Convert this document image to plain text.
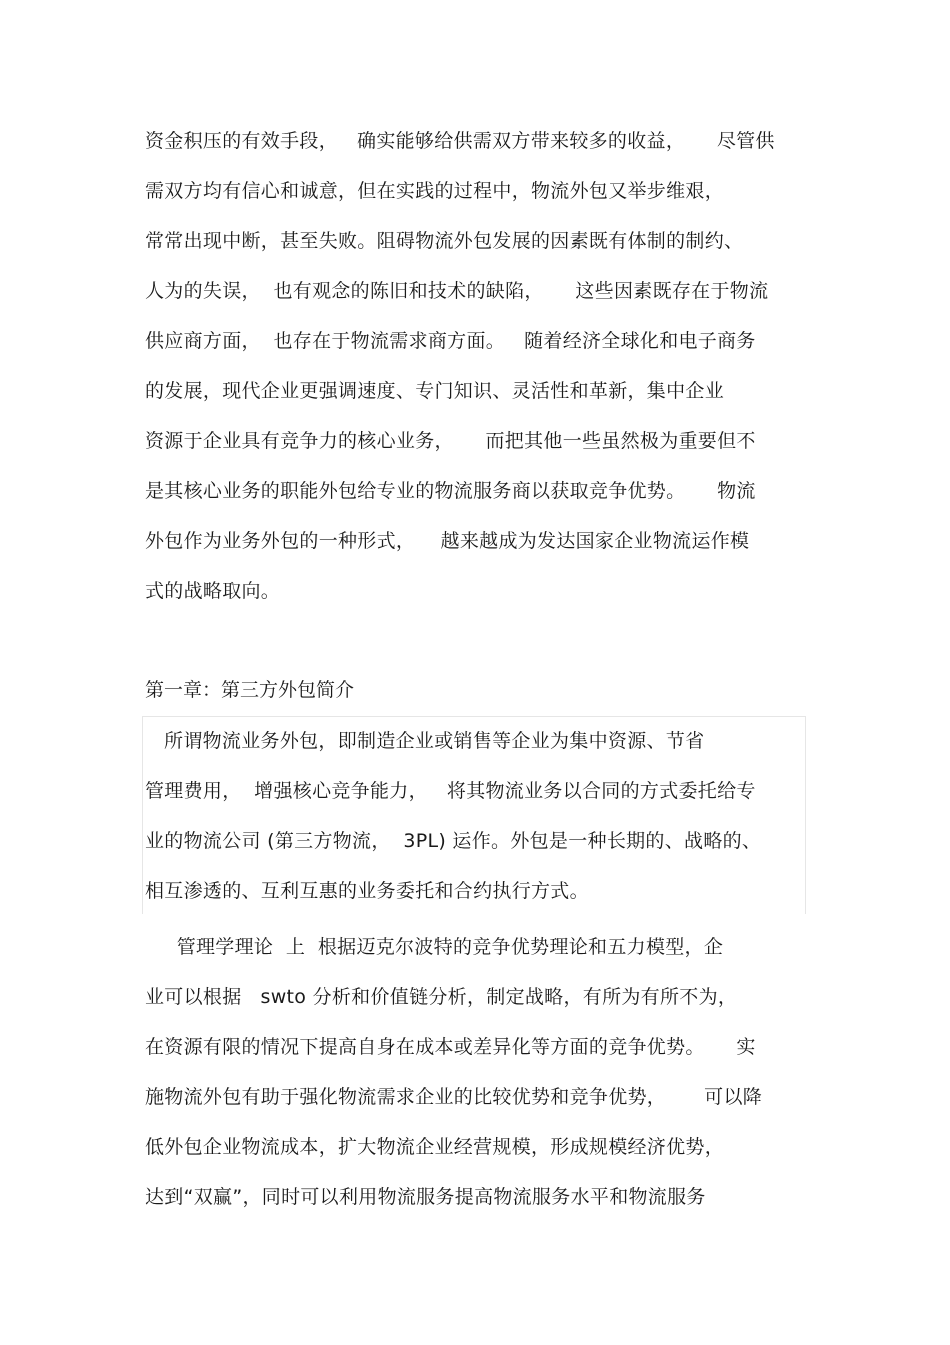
资金积压的有效手段，   确实能够给供需双方带来较多的收益，     尽管供
需双方均有信心和诚意，但在实践的过程中，物流外包又举步维艰，
常常出现中断，甚至失败。阻碍物流外包发展的因素既有体制的制约、
人为的失误，  也有观念的陈旧和技术的缺陷，     这些因素既存在于物流
供应商方面，  也存在于物流需求商方面。   随着经济全球化和电子商务
的发展，现代企业更强调速度、专门知识、灵活性和革新，集中企业
资源于企业具有竞争力的核心业务，     而把其他一些虽然极为重要但不
是其核心业务的职能外包给专业的物流服务商以获取竞争优势。     物流
外包作为业务外包的一种形式，    越来越成为发达国家企业物流运作模
式的战略取向。
第一章：第三方外包简介
所谓物流业务外包，即制造企业或销售等企业为集中资源、节省
管理费用，  增强核心竞争能力，   将其物流业务以合同的方式委托给专
业的物流公司 (第三方物流，  3PL) 运作。外包是一种长期的、战略的、
相互渗透的、互利互惠的业务委托和合约执行方式。
管理学理论  上  根据迈克尔波特的竞争优势理论和五力模型，企
业可以根据   swto 分析和价值链分析，制定战略，有所为有所不为，
在资源有限的情况下提高自身在成本或差异化等方面的竞争优势。     实
施物流外包有助于强化物流需求企业的比较优势和竞争优势，      可以降
低外包企业物流成本，扩大物流企业经营规模，形成规模经济优势，
达到“双赢”，同时可以利用物流服务提高物流服务水平和物流服务
